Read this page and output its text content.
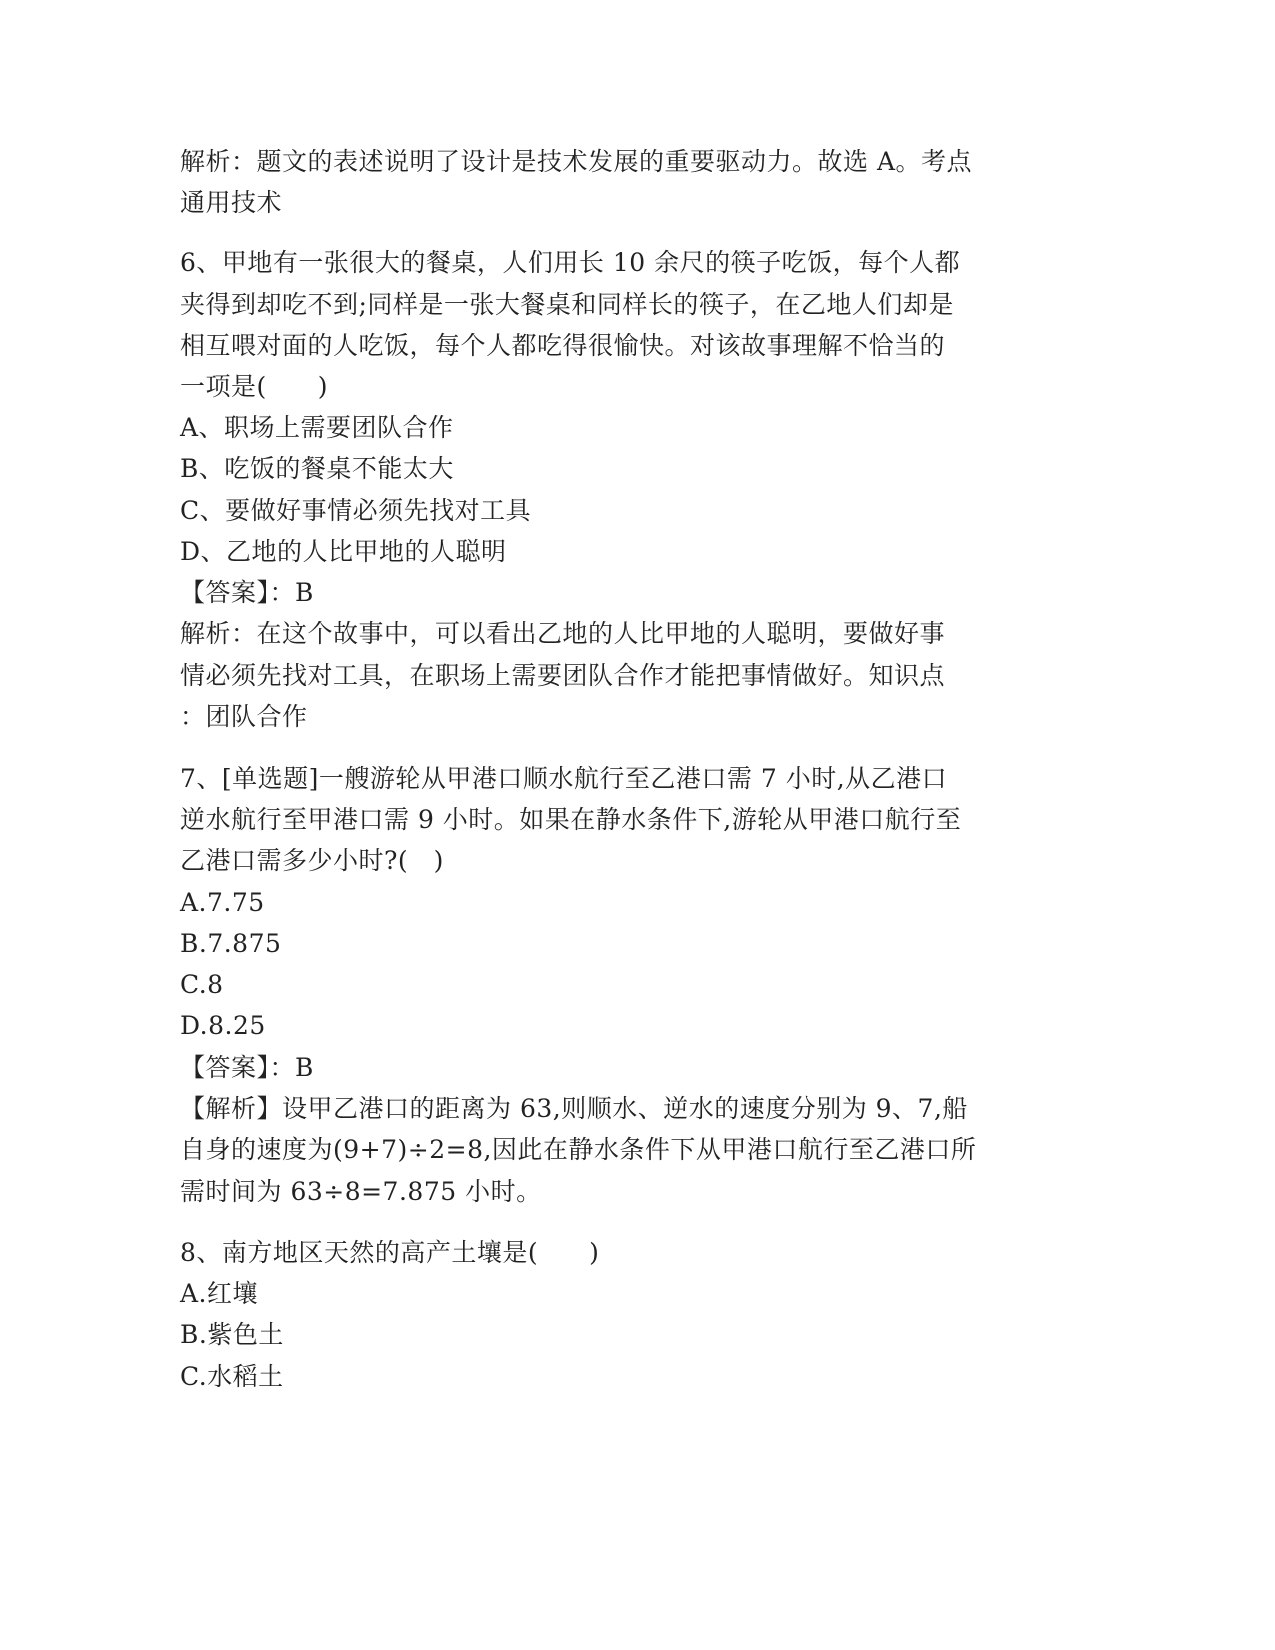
解析：题文的表述说明了设计是技术发展的重要驱动力。故选 A。考点
通用技术
6、甲地有一张很大的餐桌，人们用长 10 余尺的筷子吃饭，每个人都
夹得到却吃不到;同样是一张大餐桌和同样长的筷子，在乙地人们却是
相互喂对面的人吃饭，每个人都吃得很愉快。对该故事理解不恰当的
一项是(　　)
A、职场上需要团队合作
B、吃饭的餐桌不能太大
C、要做好事情必须先找对工具
D、乙地的人比甲地的人聪明
【答案】：B
解析：在这个故事中，可以看出乙地的人比甲地的人聪明，要做好事
情必须先找对工具，在职场上需要团队合作才能把事情做好。知识点
：团队合作
7、[单选题]一艘游轮从甲港口顺水航行至乙港口需 7 小时,从乙港口
逆水航行至甲港口需 9 小时。如果在静水条件下,游轮从甲港口航行至
乙港口需多少小时?(　)
A.7.75
B.7.875
C.8
D.8.25
【答案】：B
【解析】设甲乙港口的距离为 63,则顺水、逆水的速度分别为 9、7,船
自身的速度为(9+7)÷2=8,因此在静水条件下从甲港口航行至乙港口所
需时间为 63÷8=7.875 小时。
8、南方地区天然的高产土壤是(　　)
A.红壤
B.紫色土
C.水稻土
